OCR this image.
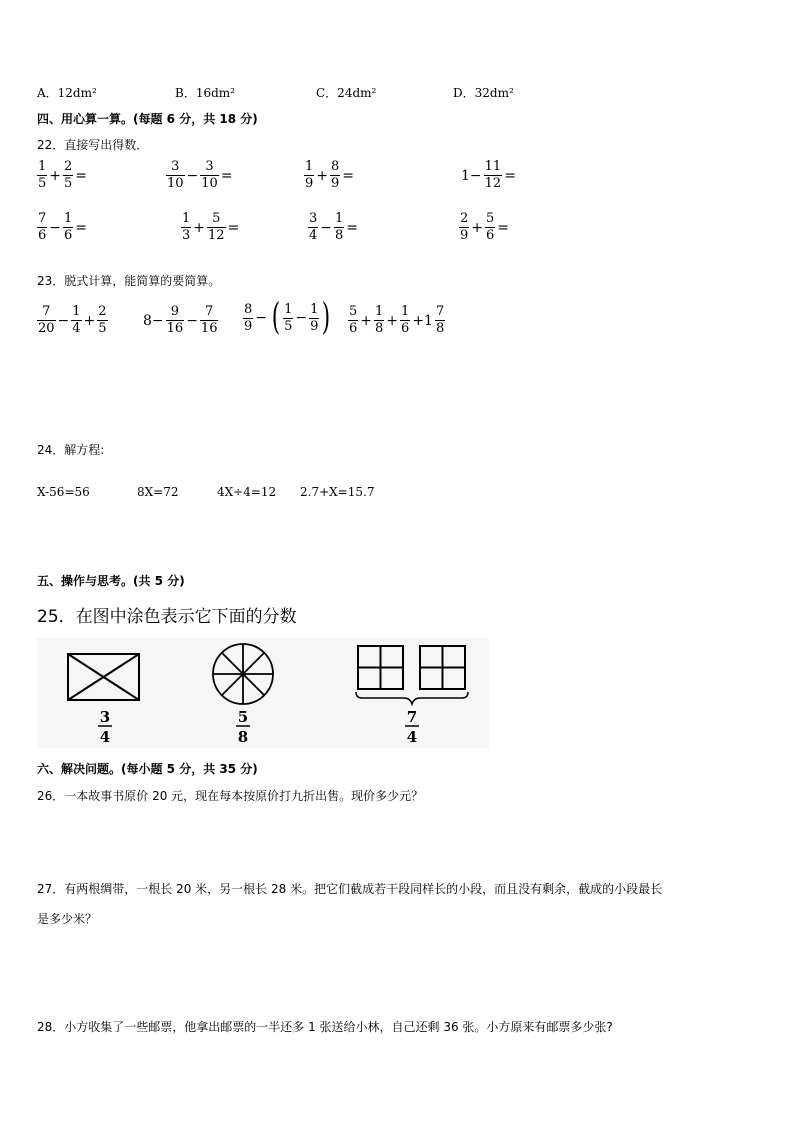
A．12dm²	B．16dm²	C．24dm²	D．32dm²
四、用心算一算。(每题 6 分，共 18 分)
22．直接写出得数．
$\frac{1}{5} + \frac{2}{5}$ =	$\frac{3}{10} - \frac{3}{10}$ =	$\frac{1}{9} + \frac{8}{9}$ =	$1- \frac{11}{12}$ =
$\frac{7}{6} - \frac{1}{6}$ =	$\frac{1}{3} + \frac{5}{12}$ =	$\frac{3}{4} - \frac{1}{8}$ =	$\frac{2}{9} + \frac{5}{6}$ =
23．脱式计算，能简算的要简算。
$\frac{7}{20} - \frac{1}{4} + \frac{2}{5}$	$8- \frac{9}{16} - \frac{7}{16} \frac{8}{9}$ − ( $\frac{1}{5} - \frac{1}{9}$ ) $\frac{5}{6} + \frac{1}{8} + \frac{1}{6} +1 \frac{7}{8}$
24．解方程:
X-56=56	8X=72	4X÷4=12 2.7+X=15.7
五、操作与思考。(共 5 分)
25．在图中涂色表示它下面的分数
3
4
5
8
7
4
六、解决问题。(每小题 5 分，共 35 分)
26．一本故事书原价 20 元，现在每本按原价打九折出售。现价多少元？
27．有两根绸带，一根长 20 米，另一根长 28 米。把它们截成若干段同样长的小段，而且没有剩余，截成的小段最长
是多少米？
28．小方收集了一些邮票，他拿出邮票的一半还多 1 张送给小林，自己还剩 36 张。小方原来有邮票多少张?
